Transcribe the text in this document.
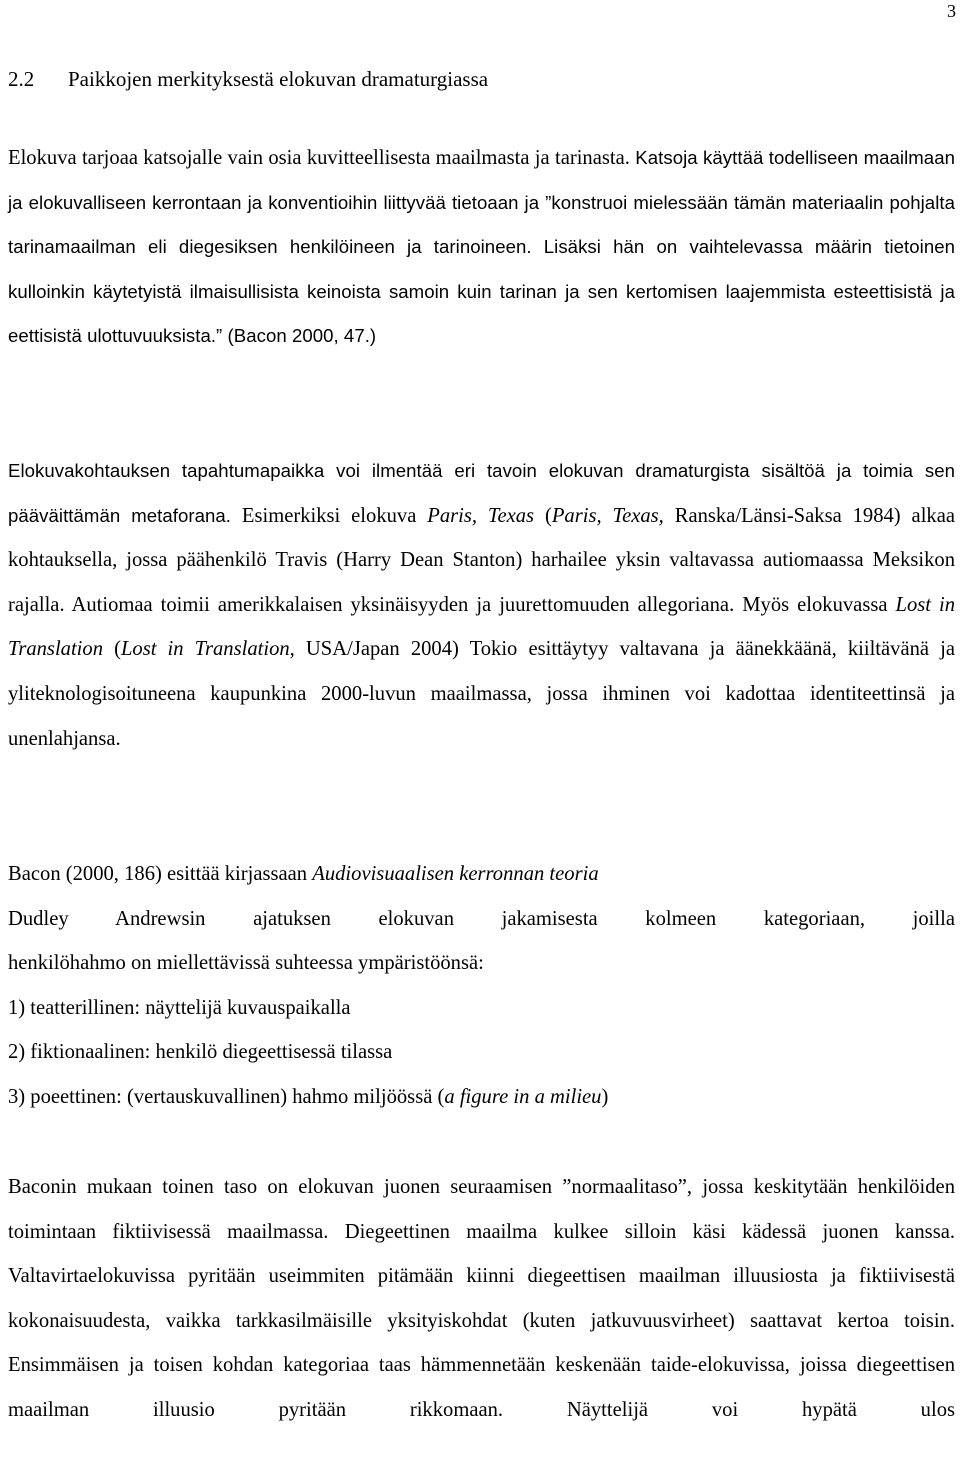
3
2.2 Paikkojen merkityksestä elokuvan dramaturgiassa

Elokuva tarjoaa katsojalle vain osia kuvitteellisesta maailmasta ja tarinasta. Katsoja käyttää todelliseen maailmaan ja elokuvalliseen kerrontaan ja konventioihin liittyvää tietoaan ja ”konstruoi mielessään tämän materiaalin pohjalta tarinamaailman eli diegesiksen henkilöineen ja tarinoineen. Lisäksi hän on vaihtelevassa määrin tietoinen kulloinkin käytetyistä ilmaisullisista keinoista samoin kuin tarinan ja sen kertomisen laajemmista esteettisistä ja eettisistä ulottuvuuksista.” (Bacon 2000, 47.)

Elokuvakohtauksen tapahtumapaikka voi ilmentää eri tavoin elokuvan dramaturgista sisältöä ja toimia sen pääväittämän metaforana. Esimerkiksi elokuva Paris, Texas (Paris, Texas, Ranska/Länsi-Saksa 1984) alkaa kohtauksella, jossa päähenkilö Travis (Harry Dean Stanton) harhailee yksin valtavassa autiomaassa Meksikon rajalla. Autiomaa toimii amerikkalaisen yksinäisyyden ja juurettomuuden allegoriana. Myös elokuvassa Lost in Translation (Lost in Translation, USA/Japan 2004) Tokio esittäytyy valtavana ja äänekkäänä, kiiltävänä ja yliteknologisoituneena kaupunkina 2000-luvun maailmassa, jossa ihminen voi kadottaa identiteettinsä ja unenlahjansa.

Bacon (2000, 186) esittää kirjassaan Audiovisuaalisen kerronnan teoria
Dudley Andrewsin ajatuksen elokuvan jakamisesta kolmeen kategoriaan, joilla
henkilöhahmo on miellettävissä suhteessa ympäristöönsä:
1) teatterillinen: näyttelijä kuvauspaikalla
2) fiktionaalinen: henkilö diegeettisessä tilassa
3) poeettinen: (vertauskuvallinen) hahmo miljöössä (a figure in a milieu)

Baconin mukaan toinen taso on elokuvan juonen seuraamisen ”normaalitaso”, jossa keskitytään henkilöiden toimintaan fiktiivisessä maailmassa. Diegeettinen maailma kulkee silloin käsi kädessä juonen kanssa. Valtavirtaelokuvissa pyritään useimmiten pitämään kiinni diegeettisen maailman illuusiosta ja fiktiivisestä kokonaisuudesta, vaikka tarkkasilmäisille yksityiskohdat (kuten jatkuvuusvirheet) saattavat kertoa toisin. Ensimmäisen ja toisen kohdan kategoriaa taas hämmennetään keskenään taide-elokuvissa, joissa diegeettisen maailman illuusio pyritään rikkomaan. Näyttelijä voi hypätä ulos
